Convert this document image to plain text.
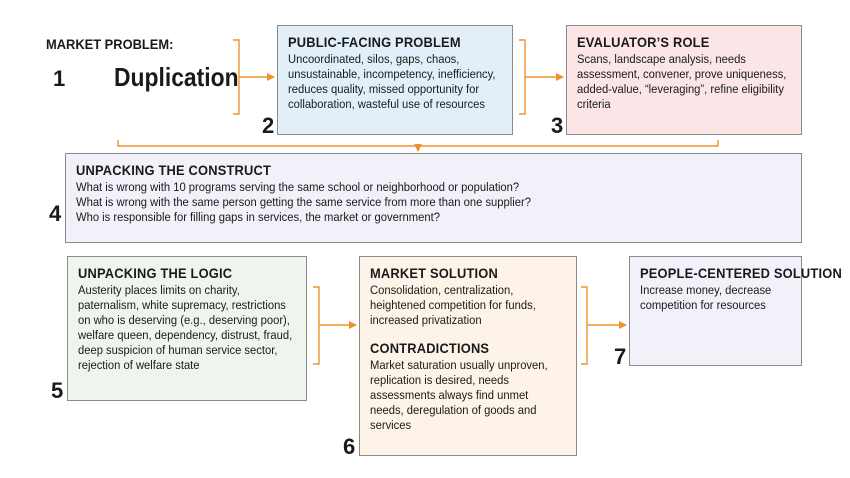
MARKET PROBLEM:
1 Duplication
PUBLIC-FACING PROBLEM
Uncoordinated, silos, gaps, chaos, unsustainable, incompetency, inefficiency, reduces quality, missed opportunity for collaboration, wasteful use of resources
2
EVALUATOR’S ROLE
Scans, landscape analysis, needs assessment, convener, prove uniqueness, added-value, “leveraging”, refine eligibility criteria
3
UNPACKING THE CONSTRUCT
What is wrong with 10 programs serving the same school or neighborhood or population?
What is wrong with the same person getting the same service from more than one supplier?
Who is responsible for filling gaps in services, the market or government?
4
UNPACKING THE LOGIC
Austerity places limits on charity, paternalism, white supremacy, restrictions on who is deserving (e.g., deserving poor), welfare queen, dependency, distrust, fraud, deep suspicion of human service sector, rejection of welfare state
5
MARKET SOLUTION
Consolidation, centralization, heightened competition for funds, increased privatization
CONTRADICTIONS
Market saturation usually unproven, replication is desired, needs assessments always find unmet needs, deregulation of goods and services
6
PEOPLE-CENTERED SOLUTION
Increase money, decrease competition for resources
7
